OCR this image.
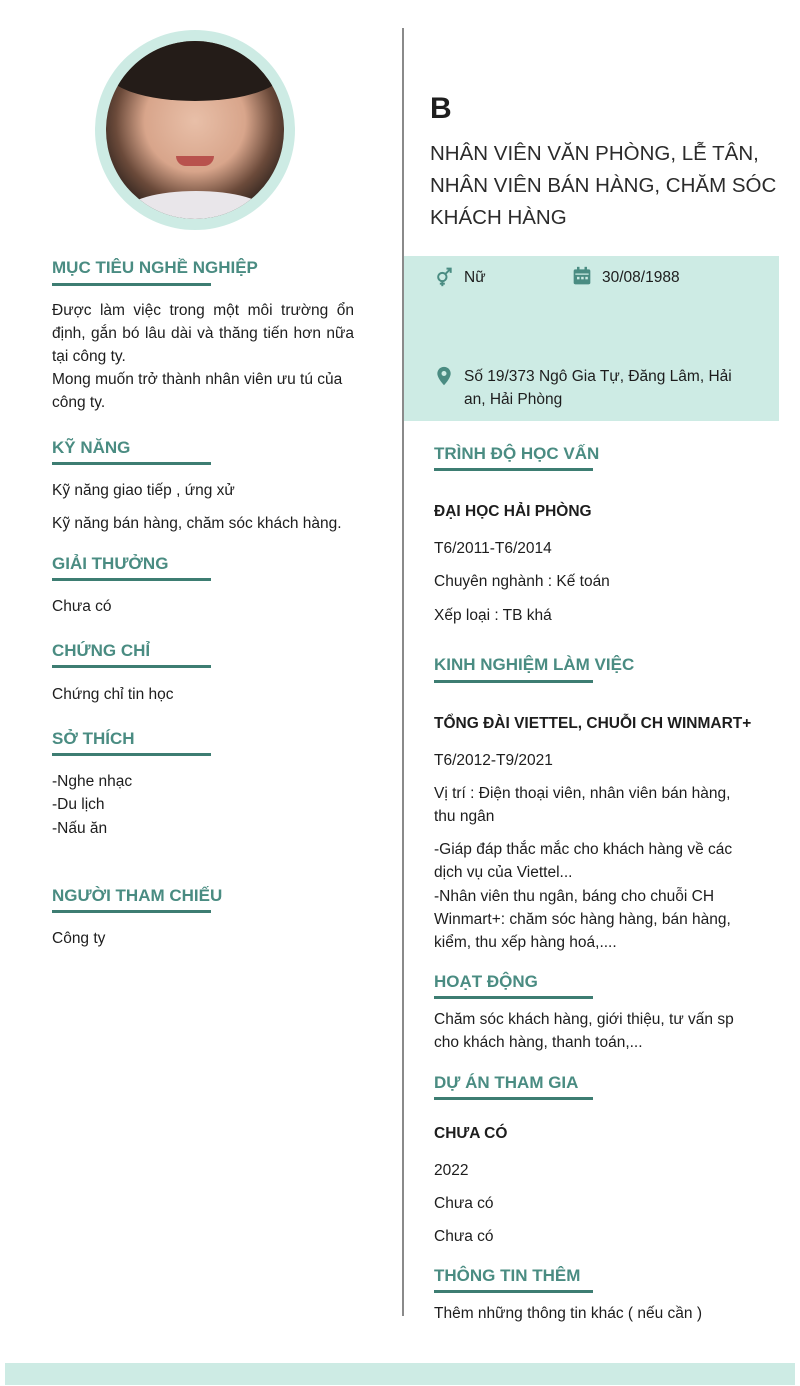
MỤC TIÊU NGHỀ NGHIỆP

Được làm việc trong một môi trường ổn định, gắn bó lâu dài và thăng tiến hơn nữa tại công ty.

Mong muốn trở thành nhân viên ưu tú của công ty.

KỸ NĂNG

Kỹ năng giao tiếp , ứng xử

Kỹ năng bán hàng, chăm sóc khách hàng.

GIẢI THƯỞNG

Chưa có

CHỨNG CHỈ

Chứng chỉ tin học

SỞ THÍCH

-Nghe nhạc

-Du lịch

-Nấu ăn

NGƯỜI THAM CHIẾU

Công ty

B

NHÂN VIÊN VĂN PHÒNG, LỄ TÂN, NHÂN VIÊN BÁN HÀNG, CHĂM SÓC KHÁCH HÀNG

Nữ	30/08/1988
Số 19/373 Ngô Gia Tự, Đăng Lâm, Hải an, Hải Phòng
TRÌNH ĐỘ HỌC VẤN

ĐẠI HỌC HẢI PHÒNG

T6/2011-T6/2014

Chuyên nghành : Kế toán

Xếp loại : TB khá

KINH NGHIỆM LÀM VIỆC

TỔNG ĐÀI VIETTEL, CHUỖI CH WINMART+

T6/2012-T9/2021

Vị trí : Điện thoại viên, nhân viên bán hàng, thu ngân

-Giáp đáp thắc mắc cho khách hàng về các dịch vụ của Viettel...

-Nhân viên thu ngân, báng cho chuỗi CH Winmart+: chăm sóc hàng hàng, bán hàng, kiểm, thu xếp hàng hoá,....

HOẠT ĐỘNG

Chăm sóc khách hàng, giới thiệu, tư vấn sp cho khách hàng, thanh toán,...

DỰ ÁN THAM GIA

CHƯA CÓ

2022

Chưa có

Chưa có

THÔNG TIN THÊM

Thêm những thông tin khác ( nếu cần )
